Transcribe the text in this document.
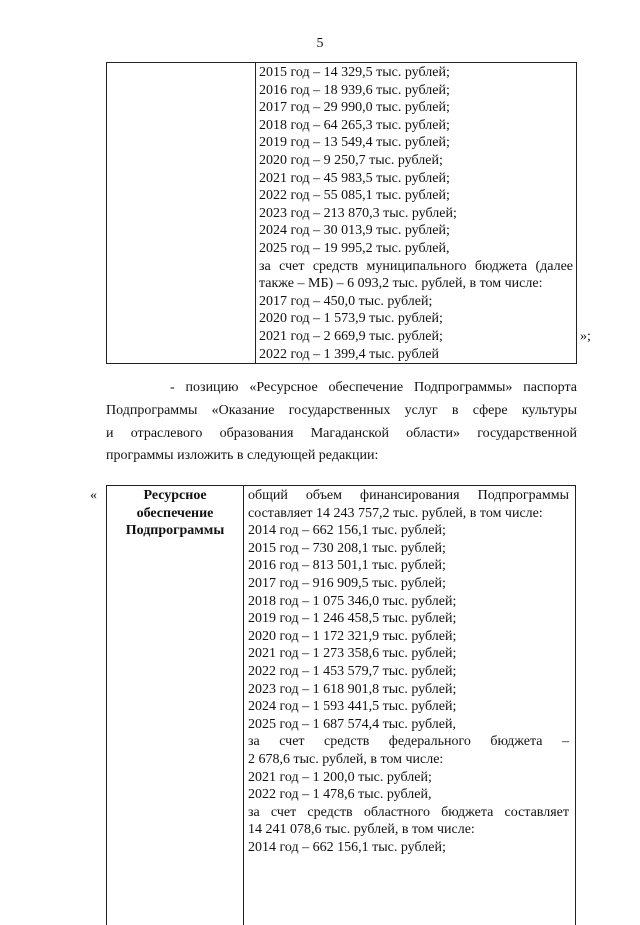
5
2015 год – 14 329,5 тыс. рублей;
2016 год – 18 939,6 тыс. рублей;
2017 год – 29 990,0 тыс. рублей;
2018 год – 64 265,3 тыс. рублей;
2019 год – 13 549,4 тыс. рублей;
2020 год – 9 250,7 тыс. рублей;
2021 год – 45 983,5 тыс. рублей;
2022 год – 55 085,1 тыс. рублей;
2023 год – 213 870,3 тыс. рублей;
2024 год – 30 013,9 тыс. рублей;
2025 год – 19 995,2 тыс. рублей,
за счет средств муниципального бюджета (далее
также – МБ) – 6 093,2 тыс. рублей, в том числе:
2017 год – 450,0 тыс. рублей;
2020 год – 1 573,9 тыс. рублей;
2021 год – 2 669,9 тыс. рублей;
2022 год – 1 399,4 тыс. рублей
»;
- позицию «Ресурсное обеспечение Подпрограммы» паспорта
Подпрограммы «Оказание государственных услуг в сфере культуры
и отраслевого образования Магаданской области» государственной
программы изложить в следующей редакции:
«	Ресурсное
обеспечение
Подпрограммы
общий объем финансирования Подпрограммы
составляет 14 243 757,2 тыс. рублей, в том числе:
2014 год – 662 156,1 тыс. рублей;
2015 год – 730 208,1 тыс. рублей;
2016 год – 813 501,1 тыс. рублей;
2017 год – 916 909,5 тыс. рублей;
2018 год – 1 075 346,0 тыс. рублей;
2019 год – 1 246 458,5 тыс. рублей;
2020 год – 1 172 321,9 тыс. рублей;
2021 год – 1 273 358,6 тыс. рублей;
2022 год – 1 453 579,7 тыс. рублей;
2023 год – 1 618 901,8 тыс. рублей;
2024 год – 1 593 441,5 тыс. рублей;
2025 год – 1 687 574,4 тыс. рублей,
за счет средств федерального бюджета –
2 678,6 тыс. рублей, в том числе:
2021 год – 1 200,0 тыс. рублей;
2022 год – 1 478,6 тыс. рублей,
за счет средств областного бюджета составляет
14 241 078,6 тыс. рублей, в том числе:
2014 год – 662 156,1 тыс. рублей;
